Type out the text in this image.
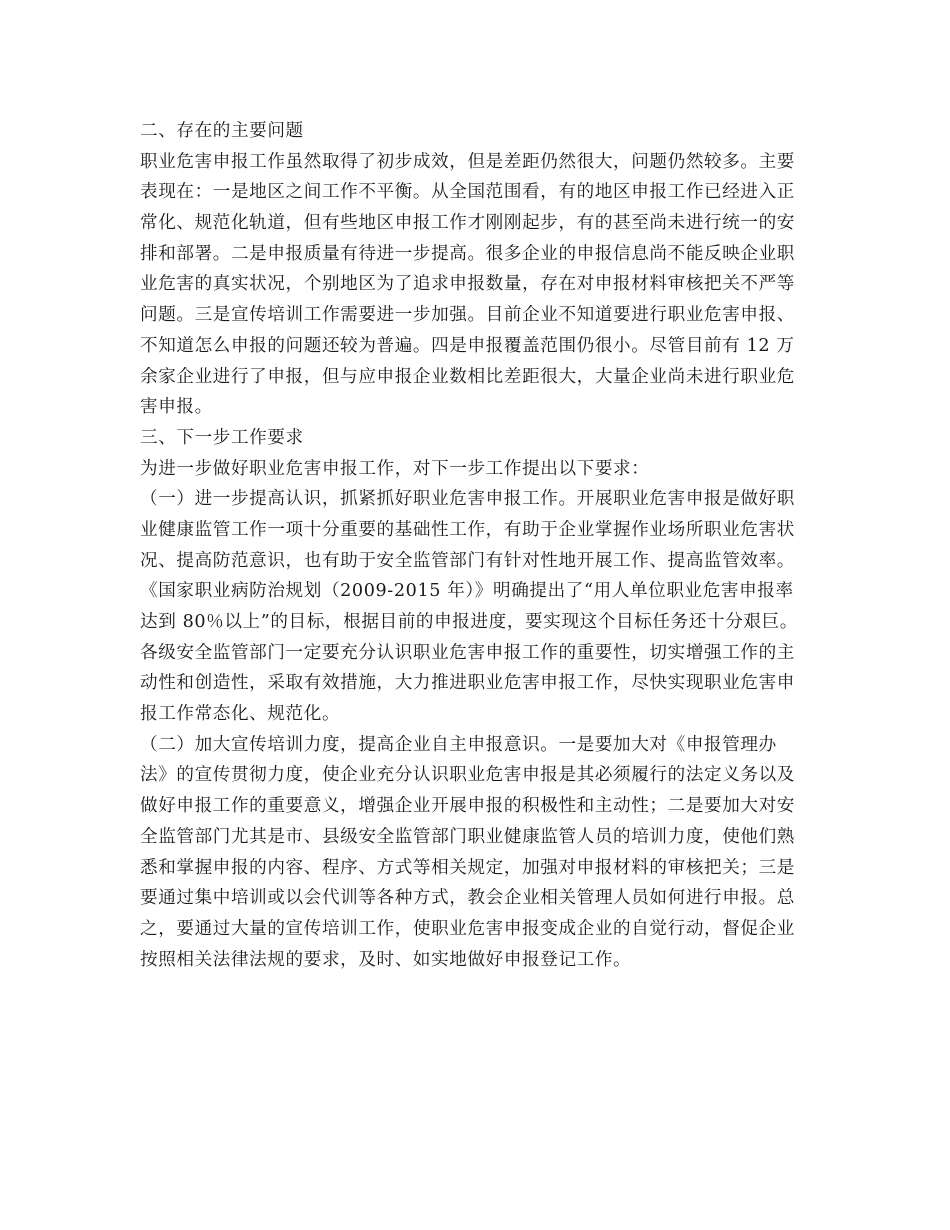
二、存在的主要问题
职业危害申报工作虽然取得了初步成效，但是差距仍然很大，问题仍然较多。主要
表现在：一是地区之间工作不平衡。从全国范围看，有的地区申报工作已经进入正
常化、规范化轨道，但有些地区申报工作才刚刚起步，有的甚至尚未进行统一的安
排和部署。二是申报质量有待进一步提高。很多企业的申报信息尚不能反映企业职
业危害的真实状况，个别地区为了追求申报数量，存在对申报材料审核把关不严等
问题。三是宣传培训工作需要进一步加强。目前企业不知道要进行职业危害申报、
不知道怎么申报的问题还较为普遍。四是申报覆盖范围仍很小。尽管目前有 12 万
余家企业进行了申报，但与应申报企业数相比差距很大，大量企业尚未进行职业危
害申报。
三、下一步工作要求
为进一步做好职业危害申报工作，对下一步工作提出以下要求：
（一）进一步提高认识，抓紧抓好职业危害申报工作。开展职业危害申报是做好职
业健康监管工作一项十分重要的基础性工作，有助于企业掌握作业场所职业危害状
况、提高防范意识，也有助于安全监管部门有针对性地开展工作、提高监管效率。
《国家职业病防治规划（2009-2015 年）》明确提出了“用人单位职业危害申报率
达到 80％以上”的目标，根据目前的申报进度，要实现这个目标任务还十分艰巨。
各级安全监管部门一定要充分认识职业危害申报工作的重要性，切实增强工作的主
动性和创造性，采取有效措施，大力推进职业危害申报工作，尽快实现职业危害申
报工作常态化、规范化。
（二）加大宣传培训力度，提高企业自主申报意识。一是要加大对《申报管理办
法》的宣传贯彻力度，使企业充分认识职业危害申报是其必须履行的法定义务以及
做好申报工作的重要意义，增强企业开展申报的积极性和主动性；二是要加大对安
全监管部门尤其是市、县级安全监管部门职业健康监管人员的培训力度，使他们熟
悉和掌握申报的内容、程序、方式等相关规定，加强对申报材料的审核把关；三是
要通过集中培训或以会代训等各种方式，教会企业相关管理人员如何进行申报。总
之，要通过大量的宣传培训工作，使职业危害申报变成企业的自觉行动，督促企业
按照相关法律法规的要求，及时、如实地做好申报登记工作。
